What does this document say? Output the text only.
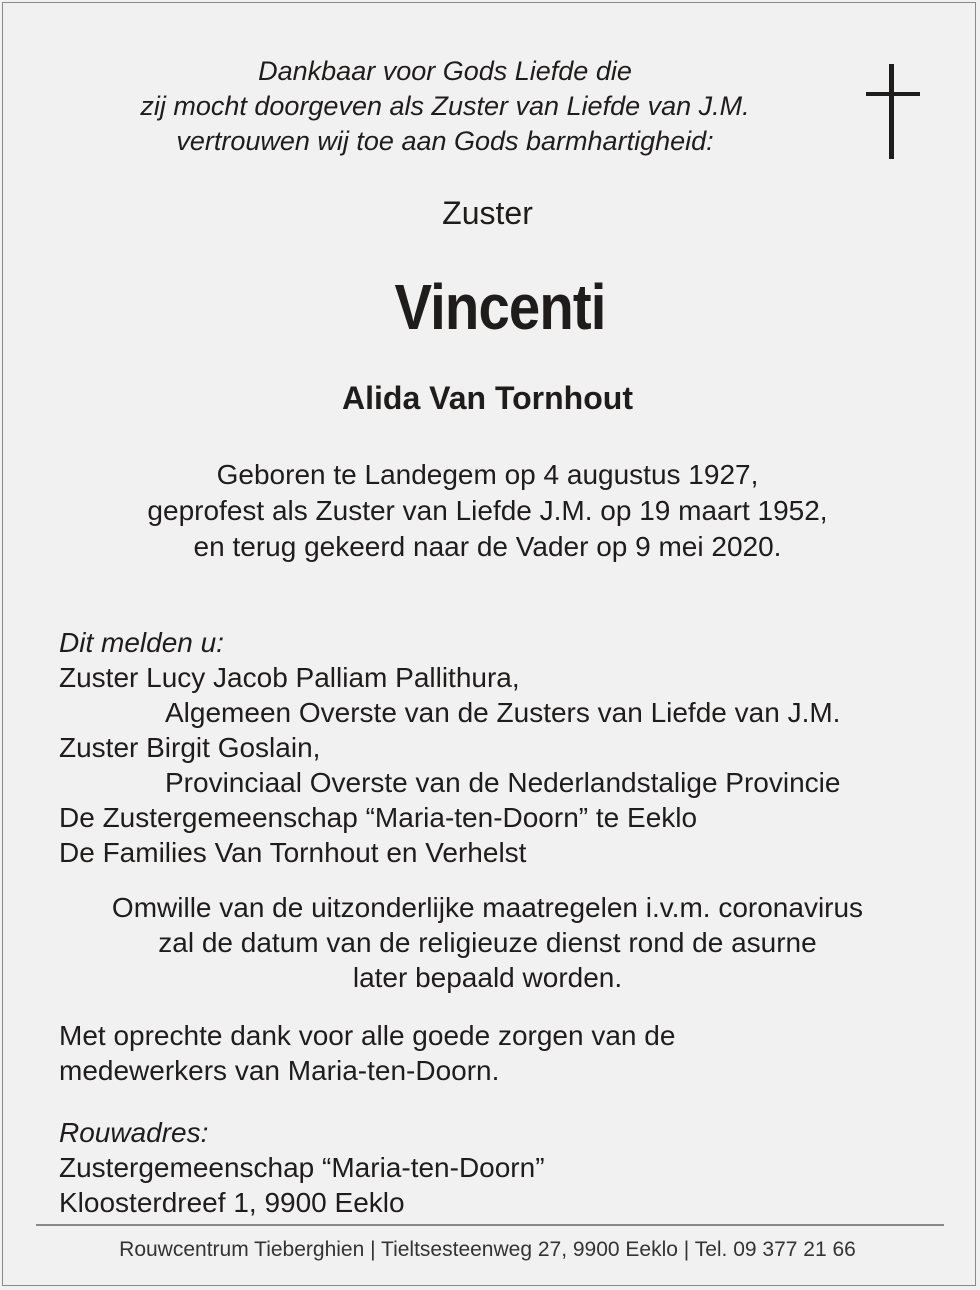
Dankbaar voor Gods Liefde die
zij mocht doorgeven als Zuster van Liefde van J.M.
vertrouwen wij toe aan Gods barmhartigheid:
Zuster
Vincenti
Alida Van Tornhout
Geboren te Landegem op 4 augustus 1927,
geprofest als Zuster van Liefde J.M. op 19 maart 1952,
en terug gekeerd naar de Vader op 9 mei 2020.
Dit melden u:
Zuster Lucy Jacob Palliam Pallithura,
Algemeen Overste van de Zusters van Liefde van J.M.
Zuster Birgit Goslain,
Provinciaal Overste van de Nederlandstalige Provincie
De Zustergemeenschap “Maria-ten-Doorn” te Eeklo
De Families Van Tornhout en Verhelst
Omwille van de uitzonderlijke maatregelen i.v.m. coronavirus
zal de datum van de religieuze dienst rond de asurne
later bepaald worden.
Met oprechte dank voor alle goede zorgen van de
medewerkers van Maria-ten-Doorn.
Rouwadres:
Zustergemeenschap “Maria-ten-Doorn”
Kloosterdreef 1, 9900 Eeklo
Rouwcentrum Tieberghien | Tieltsesteenweg 27, 9900 Eeklo | Tel. 09 377 21 66
